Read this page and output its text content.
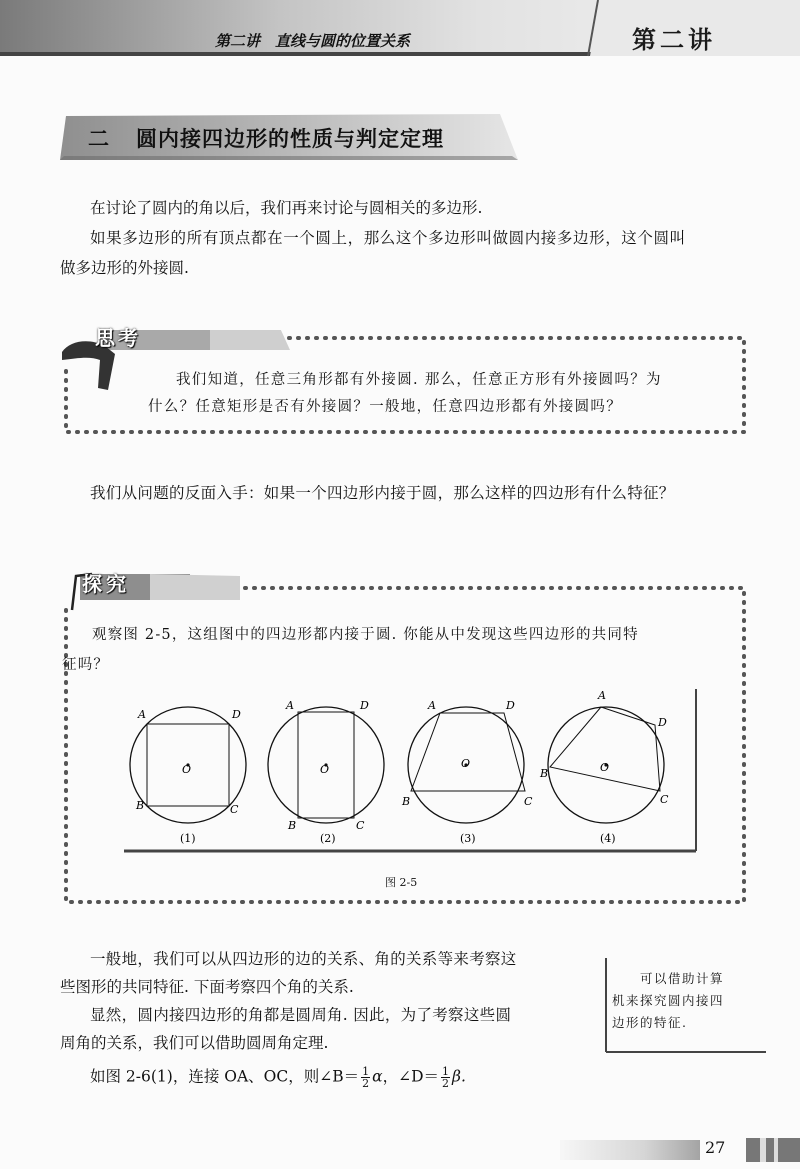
第二讲　直线与圆的位置关系	第二讲
二 圆内接四边形的性质与判定定理
在讨论了圆内的角以后，我们再来讨论与圆相关的多边形.
如果多边形的所有顶点都在一个圆上，那么这个多边形叫做圆内接多边形，这个圆叫
做多边形的外接圆.
思考
我们知道，任意三角形都有外接圆. 那么，任意正方形有外接圆吗？为
什么？任意矩形是否有外接圆？一般地，任意四边形都有外接圆吗？
我们从问题的反面入手：如果一个四边形内接于圆，那么这样的四边形有什么特征？
探究
观察图 2-5，这组图中的四边形都内接于圆. 你能从中发现这些四边形的共同特
征吗？
A	D
B	C
O
(1)
A	D
B	C
O
(2)
A	D
B	C
O
(3)
A
D
B
C
O
(4)
图 2-5
一般地，我们可以从四边形的边的关系、角的关系等来考察这
些图形的共同特征. 下面考察四个角的关系.
显然，圆内接四边形的角都是圆周角. 因此，为了考察这些圆
周角的关系，我们可以借助圆周角定理.
如图 2-6(1)，连接 OA、OC，则∠B＝ $\frac{1}{2}$ α，∠D＝ $\frac{1}{2} \beta$.
可以借助计算
机来探究圆内接四
边形的特征.
27
